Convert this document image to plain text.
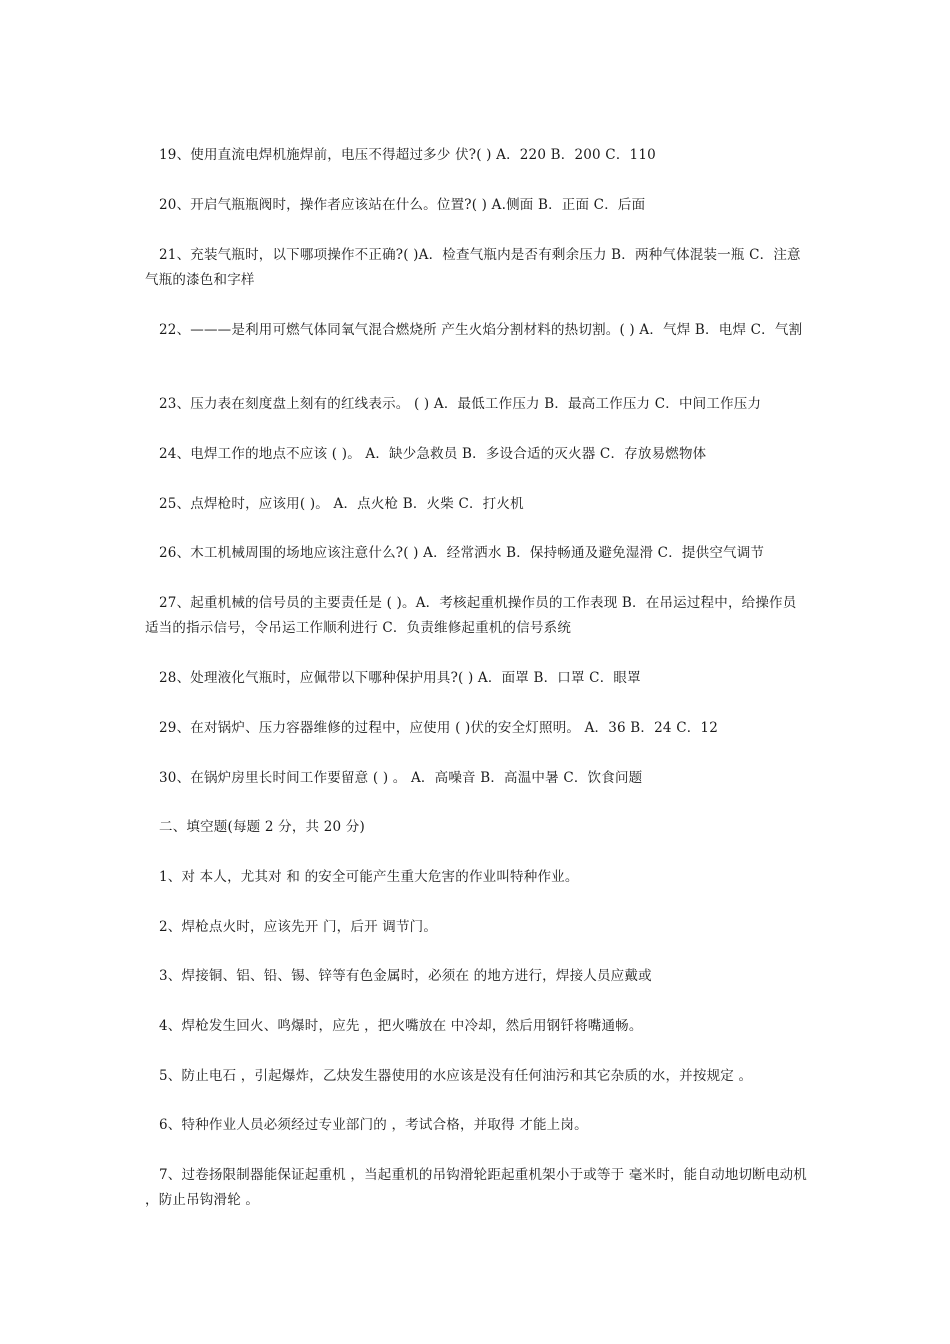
19、使用直流电焊机施焊前，电压不得超过多少 伏?( ) A．220 B．200 C．110

20、开启气瓶瓶阀时，操作者应该站在什么。位置?( ) A.侧面 B．正面 C．后面

21、充装气瓶时，以下哪项操作不正确?( )A．检查气瓶内是否有剩余压力 B．两种气体混装一瓶 C．注意气瓶的漆色和字样

22、———是利用可燃气体同氧气混合燃烧所 产生火焰分割材料的热切割。( ) A．气焊 B．电焊 C．气割

23、压力表在刻度盘上刻有的红线表示。 ( ) A．最低工作压力 B．最高工作压力 C．中间工作压力

24、电焊工作的地点不应该 ( )。 A．缺少急救员 B．多设合适的灭火器 C．存放易燃物体

25、点焊枪时，应该用( )。 A．点火枪 B．火柴 C．打火机

26、木工机械周围的场地应该注意什么?( ) A．经常洒水 B．保持畅通及避免湿滑 C．提供空气调节

27、起重机械的信号员的主要责任是 ( )。A．考核起重机操作员的工作表现 B．在吊运过程中，给操作员适当的指示信号，令吊运工作顺利进行 C．负责维修起重机的信号系统

28、处理液化气瓶时，应佩带以下哪种保护用具?( ) A．面罩 B．口罩 C．眼罩

29、在对锅炉、压力容器维修的过程中，应使用 ( )伏的安全灯照明。 A．36 B．24 C．12

30、在锅炉房里长时间工作要留意 ( ) 。 A．高噪音 B．高温中暑 C．饮食问题

二、填空题(每题 2 分，共 20 分)

1、对 本人，尤其对 和 的安全可能产生重大危害的作业叫特种作业。

2、焊枪点火时，应该先开 门，后开 调节门。

3、焊接铜、铝、铅、锡、锌等有色金属时，必须在 的地方进行，焊接人员应戴或

4、焊枪发生回火、鸣爆时，应先 ，把火嘴放在 中冷却，然后用钢钎将嘴通畅。

5、防止电石 ，引起爆炸，乙炔发生器使用的水应该是没有任何油污和其它杂质的水，并按规定 。

6、特种作业人员必须经过专业部门的 ，考试合格，并取得 才能上岗。

7、过卷扬限制器能保证起重机 ，当起重机的吊钩滑轮距起重机架小于或等于 毫米时，能自动地切断电动机 ，防止吊钩滑轮 。
